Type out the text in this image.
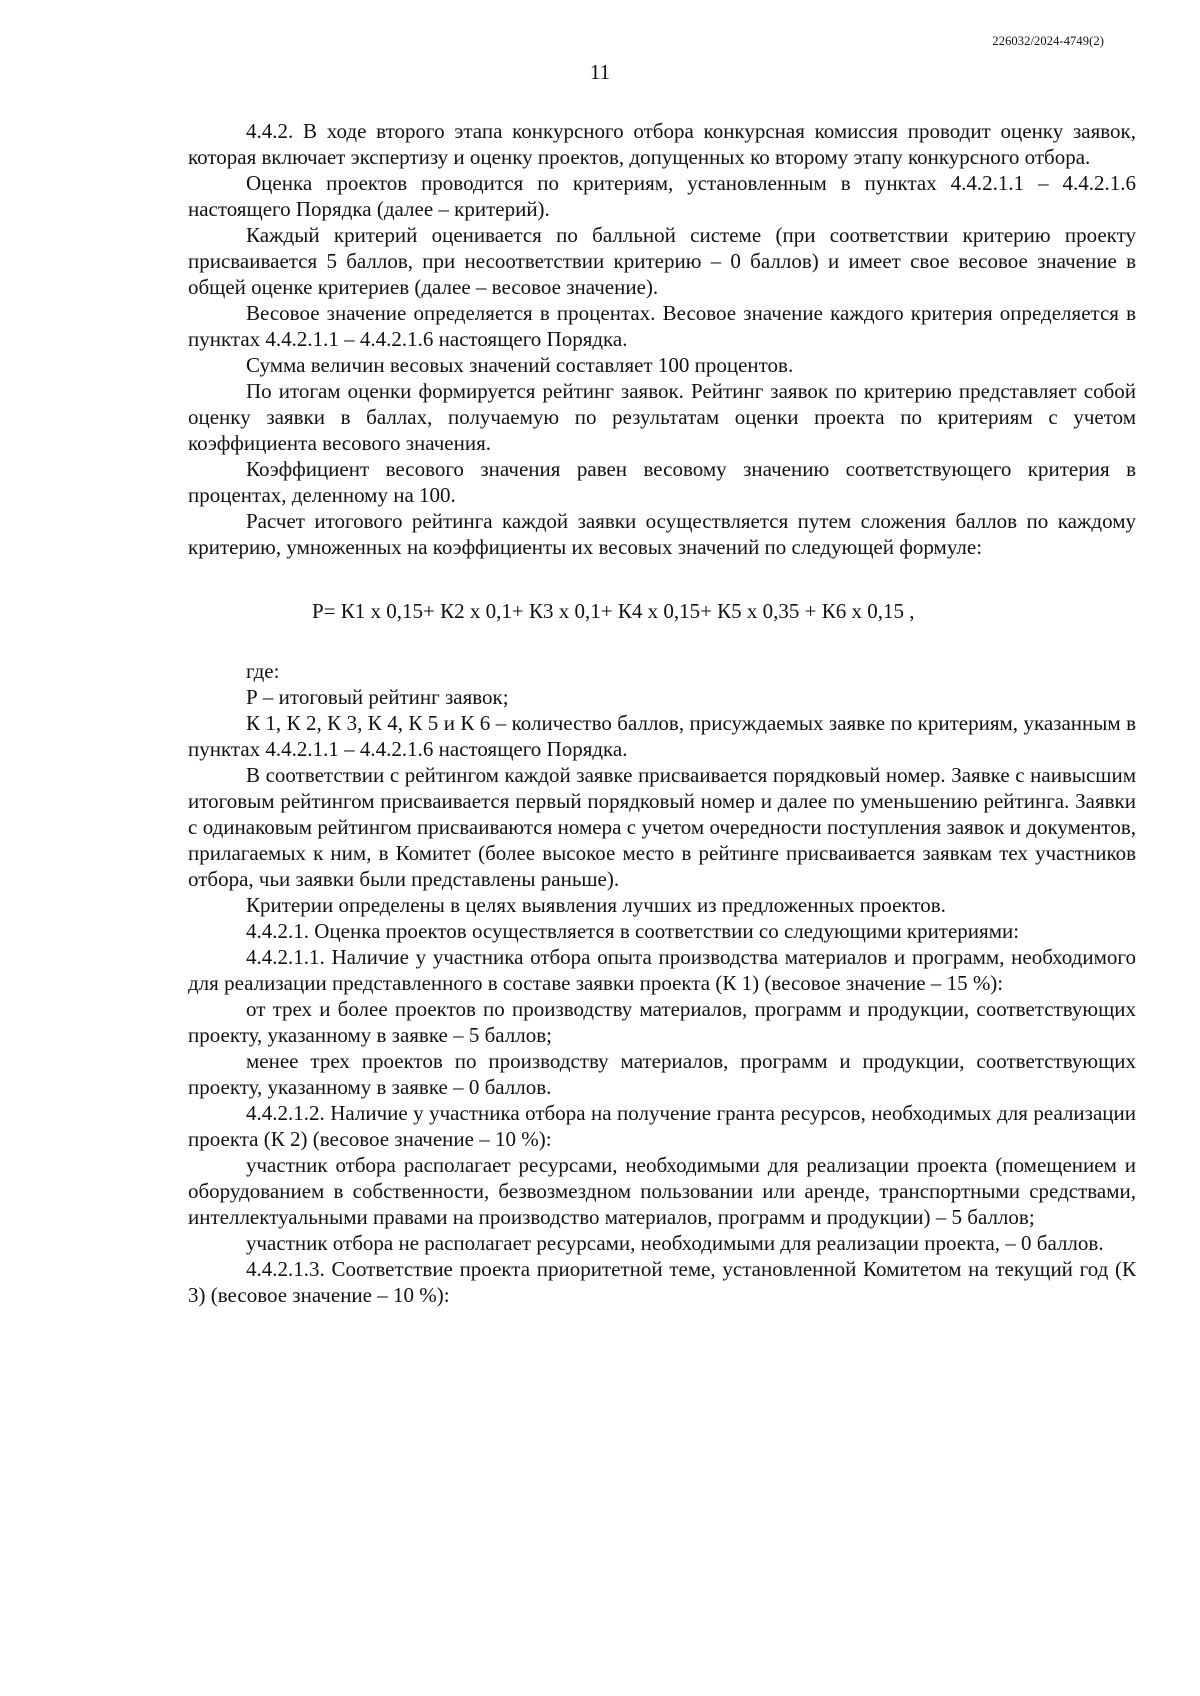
226032/2024-4749(2)
11

4.4.2. В ходе второго этапа конкурсного отбора конкурсная комиссия проводит оценку заявок, которая включает экспертизу и оценку проектов, допущенных ко второму этапу конкурсного отбора.

Оценка проектов проводится по критериям, установленным в пунктах 4.4.2.1.1 – 4.4.2.1.6 настоящего Порядка (далее – критерий).

Каждый критерий оценивается по балльной системе (при соответствии критерию проекту присваивается 5 баллов, при несоответствии критерию – 0 баллов) и имеет свое весовое значение в общей оценке критериев (далее – весовое значение).

Весовое значение определяется в процентах. Весовое значение каждого критерия определяется в пунктах 4.4.2.1.1 – 4.4.2.1.6 настоящего Порядка.

Сумма величин весовых значений составляет 100 процентов.

По итогам оценки формируется рейтинг заявок. Рейтинг заявок по критерию представляет собой оценку заявки в баллах, получаемую по результатам оценки проекта по критериям с учетом коэффициента весового значения.

Коэффициент весового значения равен весовому значению соответствующего критерия в процентах, деленному на 100.

Расчет итогового рейтинга каждой заявки осуществляется путем сложения баллов по каждому критерию, умноженных на коэффициенты их весовых значений по следующей формуле:

Р= К1 х 0,15+ К2 х 0,1+ К3 х 0,1+ К4 х 0,15+ К5 х 0,35 + К6 х 0,15 ,

где:

Р – итоговый рейтинг заявок;

К 1, К 2, К 3, К 4, К 5 и К 6 – количество баллов, присуждаемых заявке по критериям, указанным в пунктах 4.4.2.1.1 – 4.4.2.1.6 настоящего Порядка.

В соответствии с рейтингом каждой заявке присваивается порядковый номер. Заявке с наивысшим итоговым рейтингом присваивается первый порядковый номер и далее по уменьшению рейтинга. Заявки с одинаковым рейтингом присваиваются номера с учетом очередности поступления заявок и документов, прилагаемых к ним, в Комитет (более высокое место в рейтинге присваивается заявкам тех участников отбора, чьи заявки были представлены раньше).

Критерии определены в целях выявления лучших из предложенных проектов.

4.4.2.1. Оценка проектов осуществляется в соответствии со следующими критериями:

4.4.2.1.1. Наличие у участника отбора опыта производства материалов и программ, необходимого для реализации представленного в составе заявки проекта (К 1) (весовое значение – 15 %):

от трех и более проектов по производству материалов, программ и продукции, соответствующих проекту, указанному в заявке – 5 баллов;

менее трех проектов по производству материалов, программ и продукции, соответствующих проекту, указанному в заявке – 0 баллов.

4.4.2.1.2. Наличие у участника отбора на получение гранта ресурсов, необходимых для реализации проекта (К 2) (весовое значение – 10 %):

участник отбора располагает ресурсами, необходимыми для реализации проекта (помещением и оборудованием в собственности, безвозмездном пользовании или аренде, транспортными средствами, интеллектуальными правами на производство материалов, программ и продукции) – 5 баллов;

участник отбора не располагает ресурсами, необходимыми для реализации проекта, – 0 баллов.

4.4.2.1.3. Соответствие проекта приоритетной теме, установленной Комитетом на текущий год (К 3) (весовое значение – 10 %):
